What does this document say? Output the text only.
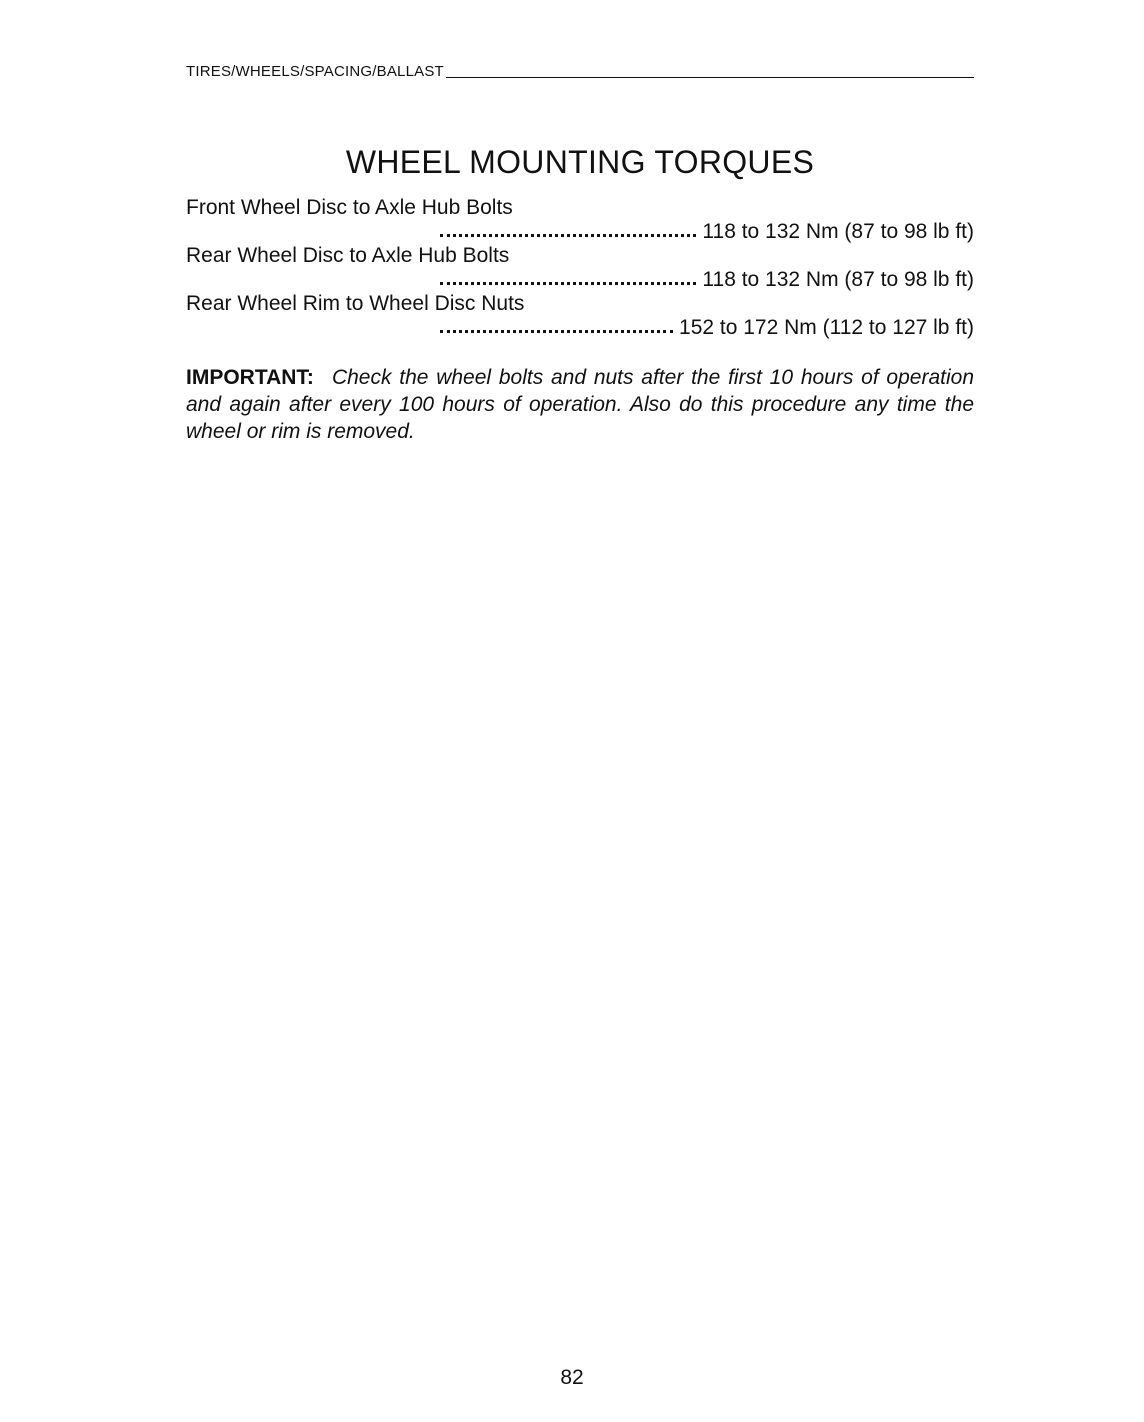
TIRES/WHEELS/SPACING/BALLAST
WHEEL MOUNTING TORQUES
Front Wheel Disc to Axle Hub Bolts
118 to 132 Nm (87 to 98 lb ft)
Rear Wheel Disc to Axle Hub Bolts
118 to 132 Nm (87 to 98 lb ft)
Rear Wheel Rim to Wheel Disc Nuts
152 to 172 Nm (112 to 127 lb ft)
IMPORTANT: Check the wheel bolts and nuts after the first 10 hours of operation and again after every 100 hours of operation. Also do this procedure any time the wheel or rim is removed.
82
